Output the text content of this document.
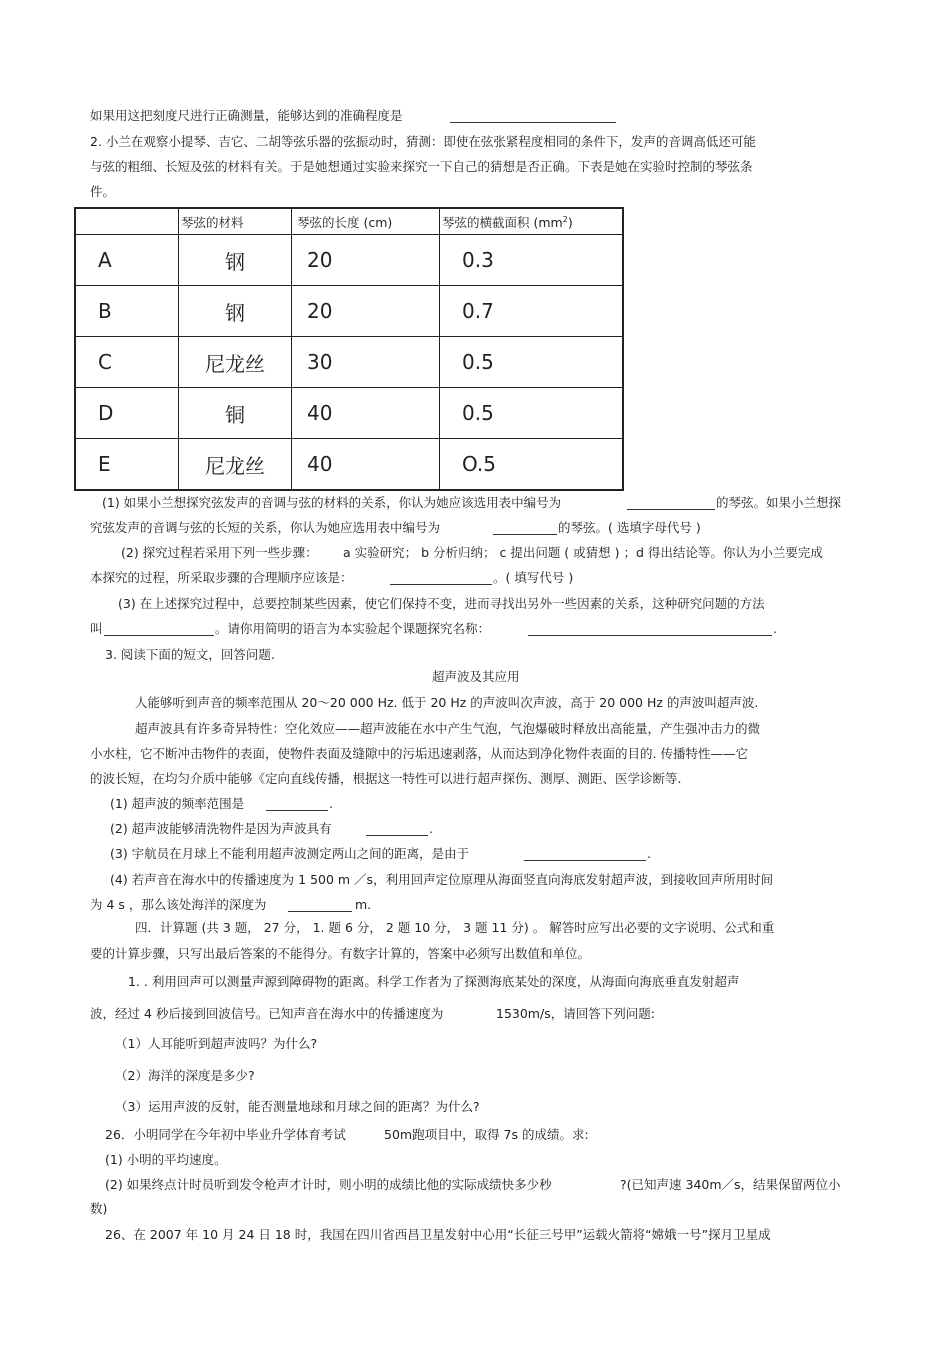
如果用这把刻度尺进行正确测量，能够达到的准确程度是
2. 小兰在观察小提琴、吉它、二胡等弦乐器的弦振动时，猜测：即使在弦张紧程度相同的条件下，发声的音调高低还可能
与弦的粗细、长短及弦的材料有关。于是她想通过实验来探究一下自己的猜想是否正确。下表是她在实验时控制的琴弦条
件。
	琴弦的材料	琴弦的长度 (cm)	琴弦的横截面积 $(mm^2)$
A	钢	20	0.3
B	钢	20	0.7
C	尼龙丝	30	0.5
D	铜	40	0.5
E	尼龙丝	40	O.5
(1) 如果小兰想探究弦发声的音调与弦的材料的关系，你认为她应该选用表中编号为	的琴弦。如果小兰想探
究弦发声的音调与弦的长短的关系，你认为她应选用表中编号为	的琴弦。( 选填字母代号 )
(2) 探究过程若采用下列一些步骤： a 实验研究； b 分析归纳； c 提出问题 ( 或猜想 ) ；d 得出结论等。你认为小兰要完成
本探究的过程，所采取步骤的合理顺序应该是：	。( 填写代号 )
(3) 在上述探究过程中，总要控制某些因素，使它们保持不变，进而寻找出另外一些因素的关系，这种研究问题的方法
叫	。请你用简明的语言为本实验起个课题探究名称：	.
3. 阅读下面的短文，回答问题.
超声波及其应用
人能够听到声音的频率范围从 20～20 000 Hz. 低于 20 Hz 的声波叫次声波，高于 20 000 Hz 的声波叫超声波.
超声波具有许多奇异特性：空化效应——超声波能在水中产生气泡，气泡爆破时释放出高能量，产生强冲击力的微
小水柱，它不断冲击物件的表面，使物件表面及缝隙中的污垢迅速剥落，从而达到净化物件表面的目的. 传播特性——它
的波长短，在均匀介质中能够《定向直线传播，根据这一特性可以进行超声探伤、测厚、测距、医学诊断等.
(1) 超声波的频率范围是	.
(2) 超声波能够清洗物件是因为声波具有	.
(3) 宇航员在月球上不能利用超声波测定两山之间的距离，是由于	.
(4) 若声音在海水中的传播速度为 1 500 m ／s，利用回声定位原理从海面竖直向海底发射超声波，到接收回声所用时间
为 4 s ，那么该处海洋的深度为	m.
四．计算题 (共 3 题， 27 分， 1. 题 6 分， 2 题 10 分， 3 题 11 分) 。 解答时应写出必要的文字说明、公式和重
要的计算步骤，只写出最后答案的不能得分。有数字计算的，答案中必须写出数值和单位。
1. . 利用回声可以测量声源到障碍物的距离。科学工作者为了探测海底某处的深度，从海面向海底垂直发射超声
波，经过 4 秒后接到回波信号。已知声音在海水中的传播速度为	1530m/s，请回答下列问题:
（1）人耳能听到超声波吗？为什么?
（2）海洋的深度是多少?
（3）运用声波的反射，能否测量地球和月球之间的距离？为什么?
26．小明同学在今年初中毕业升学体育考试	50m跑项目中，取得 7s 的成绩。求:
(1) 小明的平均速度。
(2) 如果终点计时员听到发令枪声才计时，则小明的成绩比他的实际成绩快多少秒	?(已知声速 340m／s，结果保留两位小
数)
26、在 2007 年 10 月 24 日 18 时，我国在四川省西昌卫星发射中心用“长征三号甲”运载火箭将“嫦娥一号”探月卫星成
